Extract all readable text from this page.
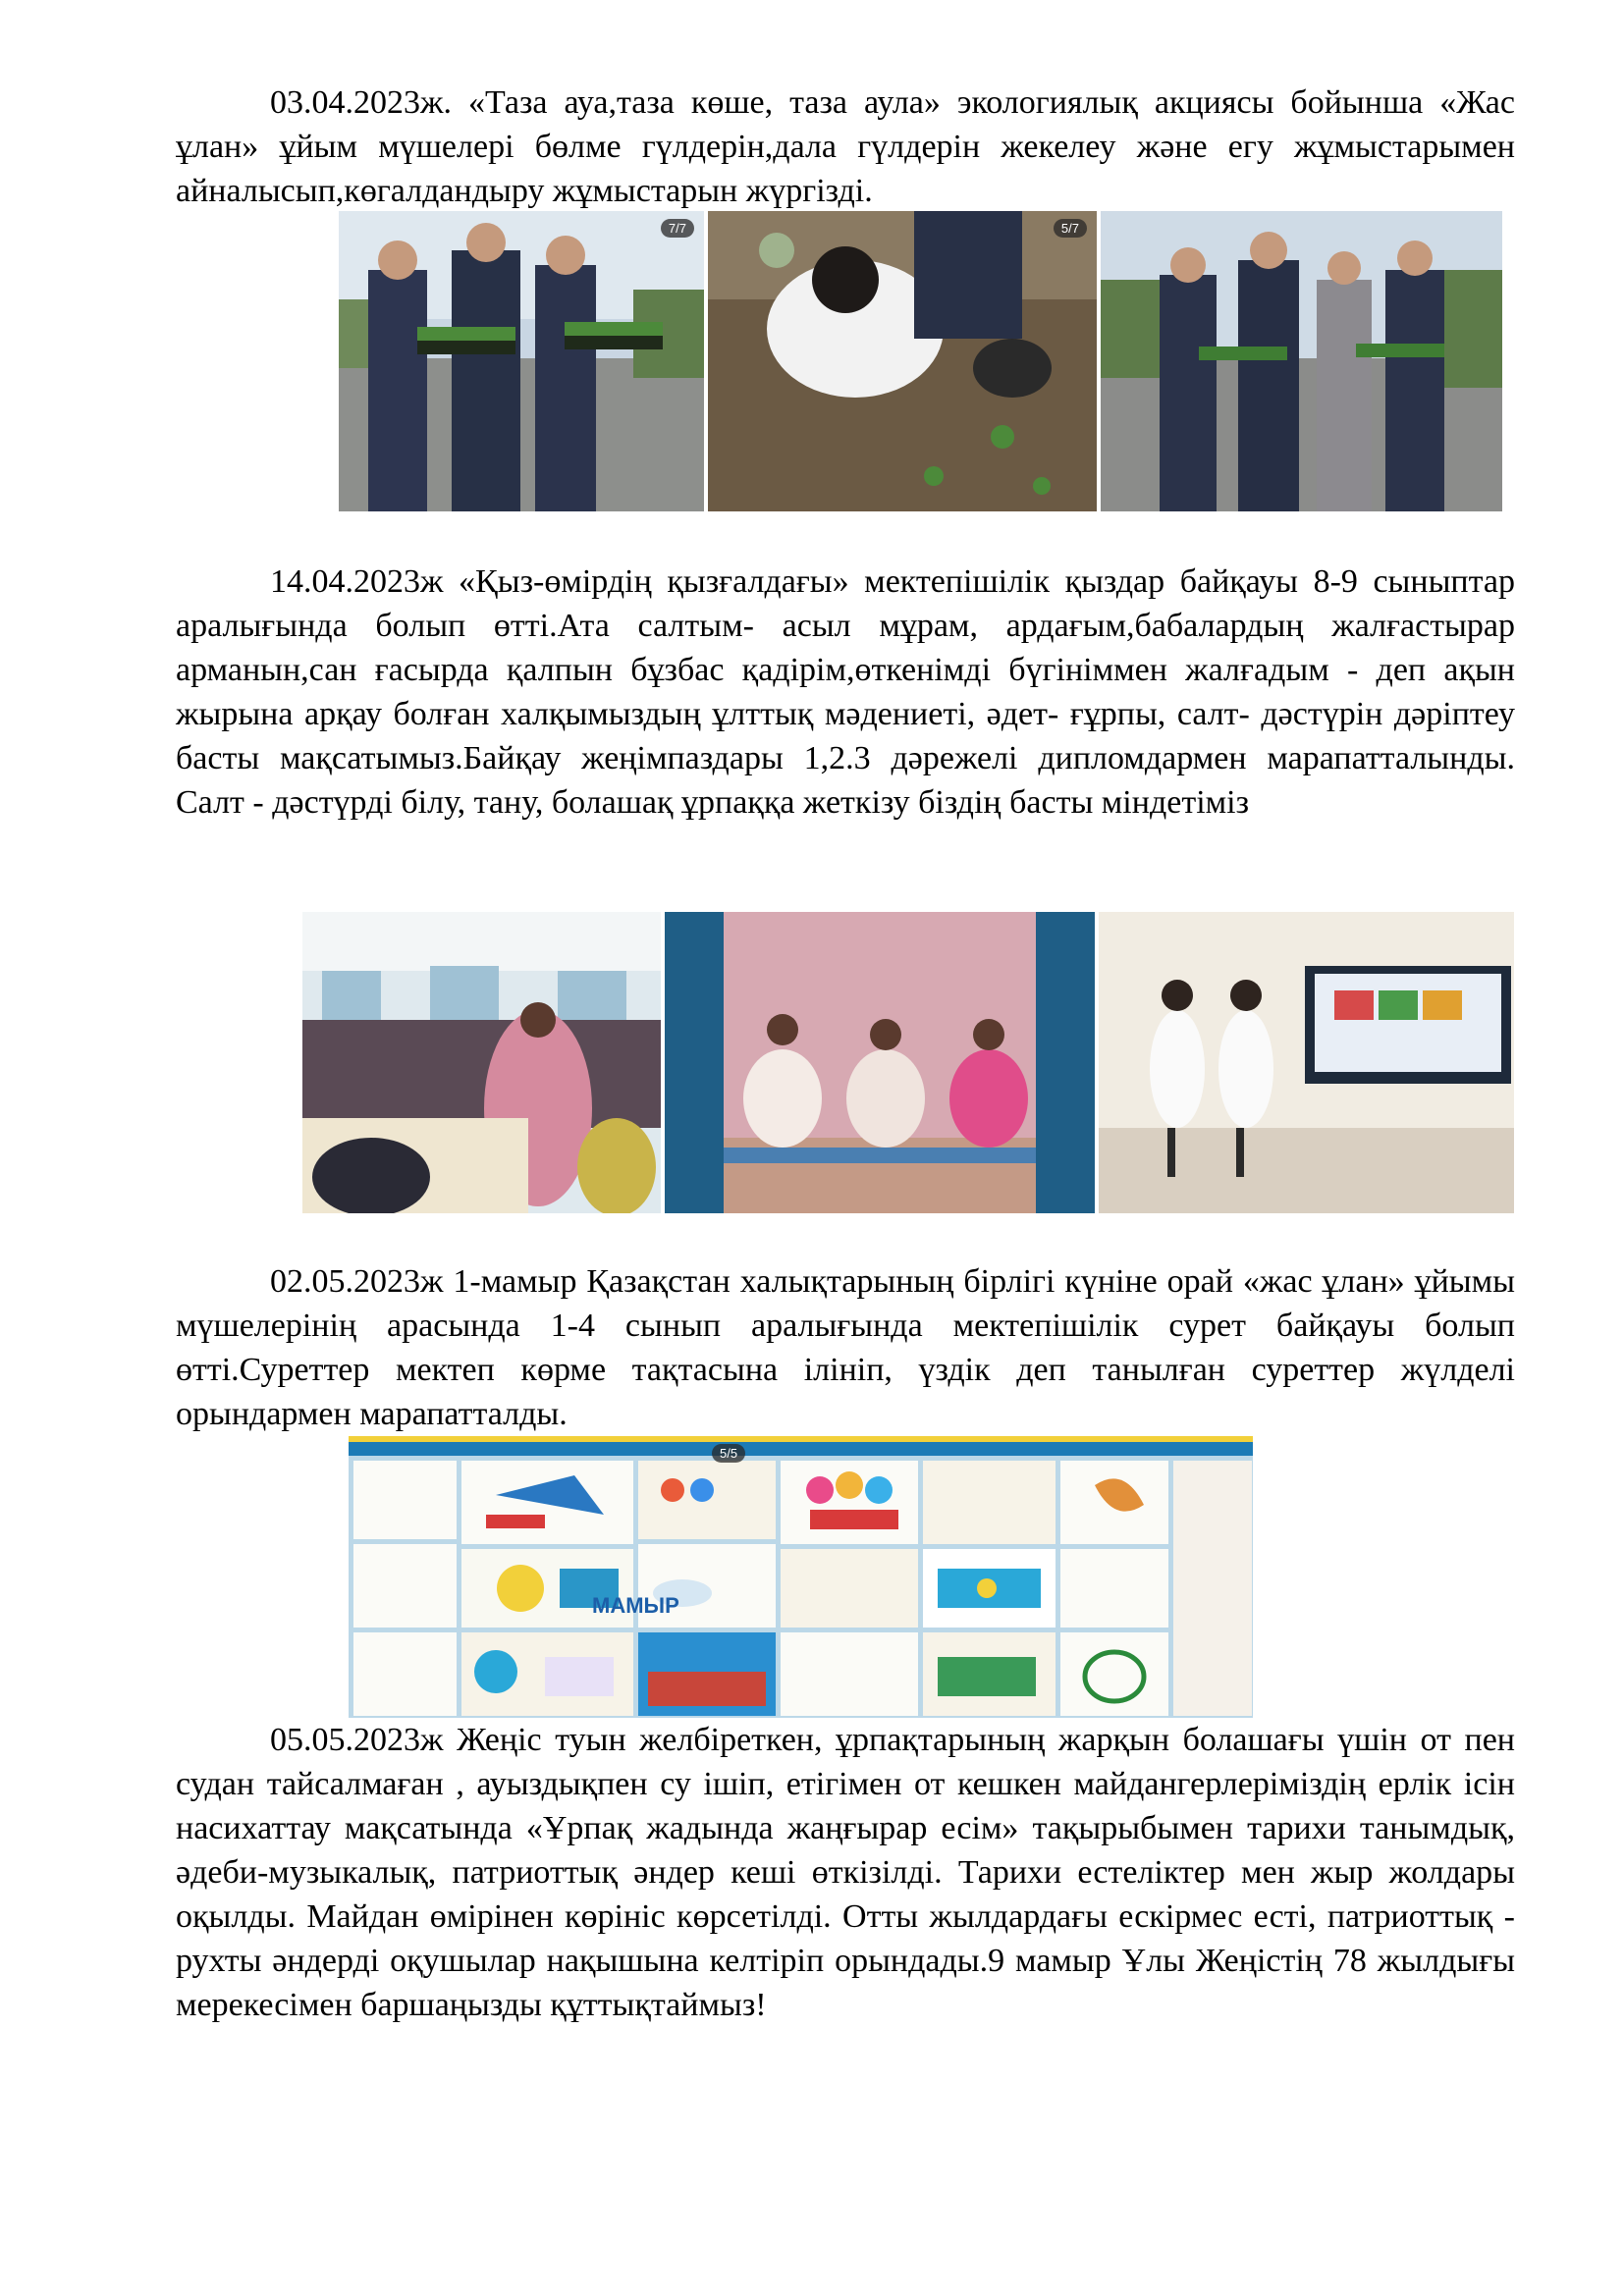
03.04.2023ж. «Таза ауа,таза көше, таза аула» экологиялық акциясы бойынша «Жас ұлан» ұйым мүшелері бөлме гүлдерін,дала гүлдерін жекелеу және егу жұмыстарымен айналысып,көгалдандыру жұмыстарын жүргізді.

7/7	5/7

14.04.2023ж «Қыз-өмірдің қызғалдағы» мектепішілік қыздар байқауы 8-9 сыныптар аралығында болып өтті.Ата салтым- асыл мұрам, ардағым,бабалардың жалғастырар арманын,сан ғасырда қалпын бұзбас қадірім,өткенімді бүгініммен жалғадым - деп ақын жырына арқау болған халқымыздың ұлттық мәдениеті, әдет- ғұрпы, салт- дәстүрін дәріптеу басты мақсатымыз.Байқау жеңімпаздары 1,2.3 дәрежелі дипломдармен марапатталынды. Салт - дәстүрді білу, тану, болашақ ұрпаққа жеткізу біздің басты міндетіміз

02.05.2023ж 1-мамыр Қазақстан халықтарының бірлігі күніне орай «жас ұлан» ұйымы мүшелерінің арасында 1-4 сынып аралығында мектепішілік сурет байқауы болып өтті.Суреттер мектеп көрме тақтасына ілініп, үздік деп танылған суреттер жүлделі орындармен марапатталды.

5/5
МАМЫР

05.05.2023ж Жеңіс туын желбіреткен, ұрпақтарының жарқын болашағы үшін от пен судан тайсалмаған , ауыздықпен су ішіп, етігімен от кешкен майдангерлеріміздің ерлік ісін насихаттау мақсатында «Ұрпақ жадында жаңғырар есім» тақырыбымен тарихи танымдық, әдеби-музыкалық, патриоттық әндер кеші өткізілді. Тарихи естеліктер мен жыр жолдары оқылды. Майдан өмірінен көрініс көрсетілді. Отты жылдардағы ескірмес есті, патриоттық - рухты әндерді оқушылар нақышына келтіріп орындады.9 мамыр Ұлы Жеңістің 78 жылдығы мерекесімен баршаңызды құттықтаймыз!
